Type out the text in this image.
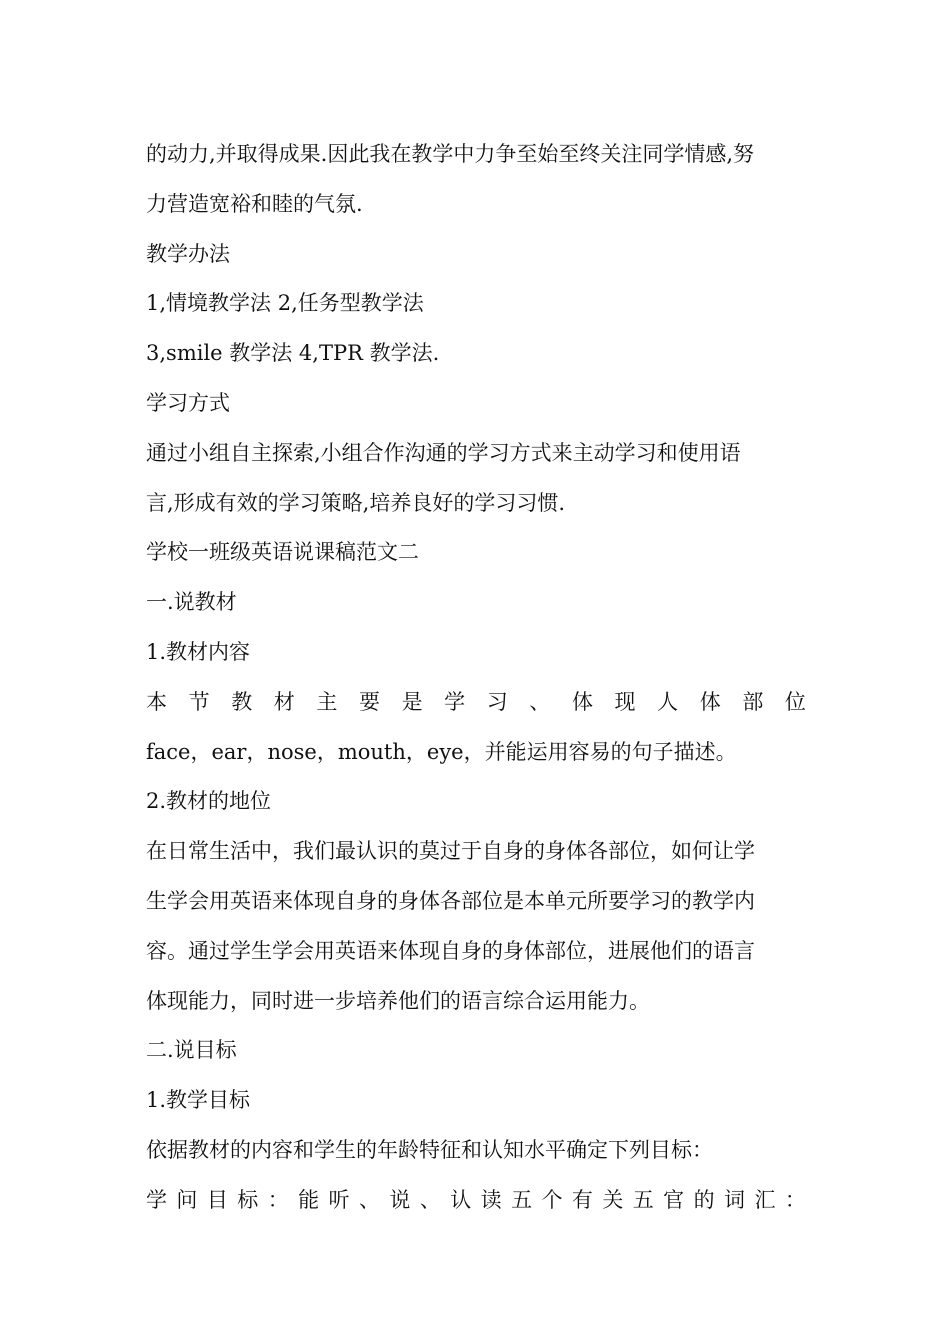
的动力,并取得成果.因此我在教学中力争至始至终关注同学情感,努
力营造宽裕和睦的气氛.
教学办法
1,情境教学法 2,任务型教学法
3,smile 教学法 4,TPR 教学法.
学习方式
通过小组自主探索,小组合作沟通的学习方式来主动学习和使用语
言,形成有效的学习策略,培养良好的学习习惯.
学校一班级英语说课稿范文二
一.说教材
1.教材内容
本 节 教 材 主 要 是 学 习 、 体 现 人 体 部 位
face，ear，nose，mouth，eye，并能运用容易的句子描述。
2.教材的地位
在日常生活中，我们最认识的莫过于自身的身体各部位，如何让学
生学会用英语来体现自身的身体各部位是本单元所要学习的教学内
容。通过学生学会用英语来体现自身的身体部位，进展他们的语言
体现能力，同时进一步培养他们的语言综合运用能力。
二.说目标
1.教学目标
依据教材的内容和学生的年龄特征和认知水平确定下列目标：
学 问 目 标 ： 能 听 、 说 、 认 读 五 个 有 关 五 官 的 词 汇 ：
